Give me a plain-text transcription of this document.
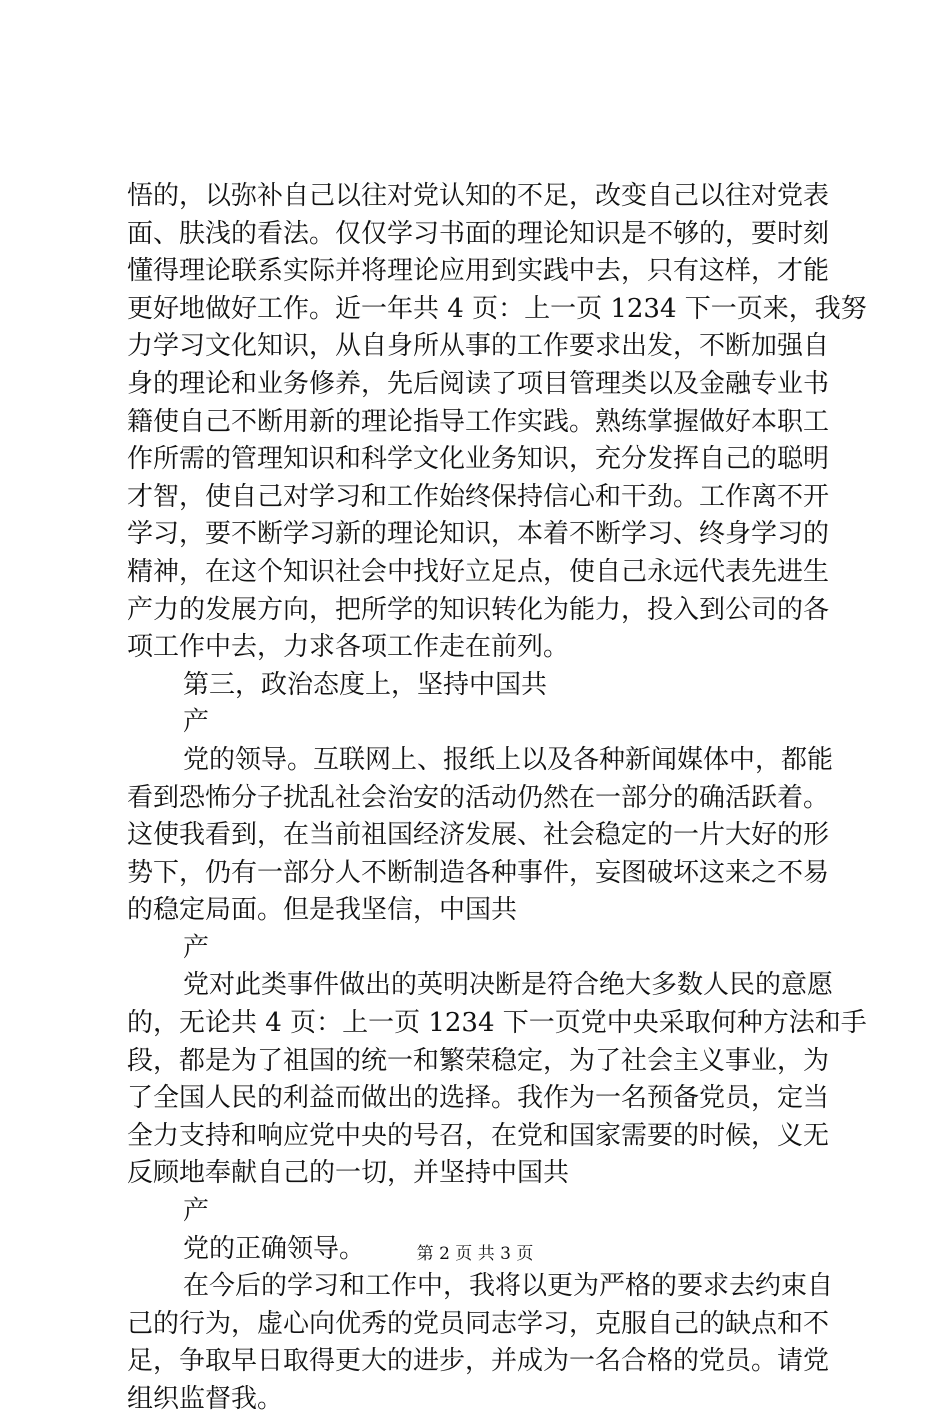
悟的，以弥补自己以往对党认知的不足，改变自己以往对党表
面、肤浅的看法。仅仅学习书面的理论知识是不够的，要时刻
懂得理论联系实际并将理论应用到实践中去，只有这样，才能
更好地做好工作。近一年共 4 页：上一页 1234 下一页来，我努
力学习文化知识，从自身所从事的工作要求出发，不断加强自
身的理论和业务修养，先后阅读了项目管理类以及金融专业书
籍使自己不断用新的理论指导工作实践。熟练掌握做好本职工
作所需的管理知识和科学文化业务知识，充分发挥自己的聪明
才智，使自己对学习和工作始终保持信心和干劲。工作离不开
学习，要不断学习新的理论知识，本着不断学习、终身学习的
精神，在这个知识社会中找好立足点，使自己永远代表先进生
产力的发展方向，把所学的知识转化为能力，投入到公司的各
项工作中去，力求各项工作走在前列。
第三，政治态度上，坚持中国共
产
党的领导。互联网上、报纸上以及各种新闻媒体中，都能
看到恐怖分子扰乱社会治安的活动仍然在一部分的确活跃着。
这使我看到，在当前祖国经济发展、社会稳定的一片大好的形
势下，仍有一部分人不断制造各种事件，妄图破坏这来之不易
的稳定局面。但是我坚信，中国共
产
党对此类事件做出的英明决断是符合绝大多数人民的意愿
的，无论共 4 页：上一页 1234 下一页党中央采取何种方法和手
段，都是为了祖国的统一和繁荣稳定，为了社会主义事业，为
了全国人民的利益而做出的选择。我作为一名预备党员，定当
全力支持和响应党中央的号召，在党和国家需要的时候，义无
反顾地奉献自己的一切，并坚持中国共
产
党的正确领导。
在今后的学习和工作中，我将以更为严格的要求去约束自
己的行为，虚心向优秀的党员同志学习，克服自己的缺点和不
足，争取早日取得更大的进步，并成为一名合格的党员。请党
组织监督我。
第 2 页 共 3 页
